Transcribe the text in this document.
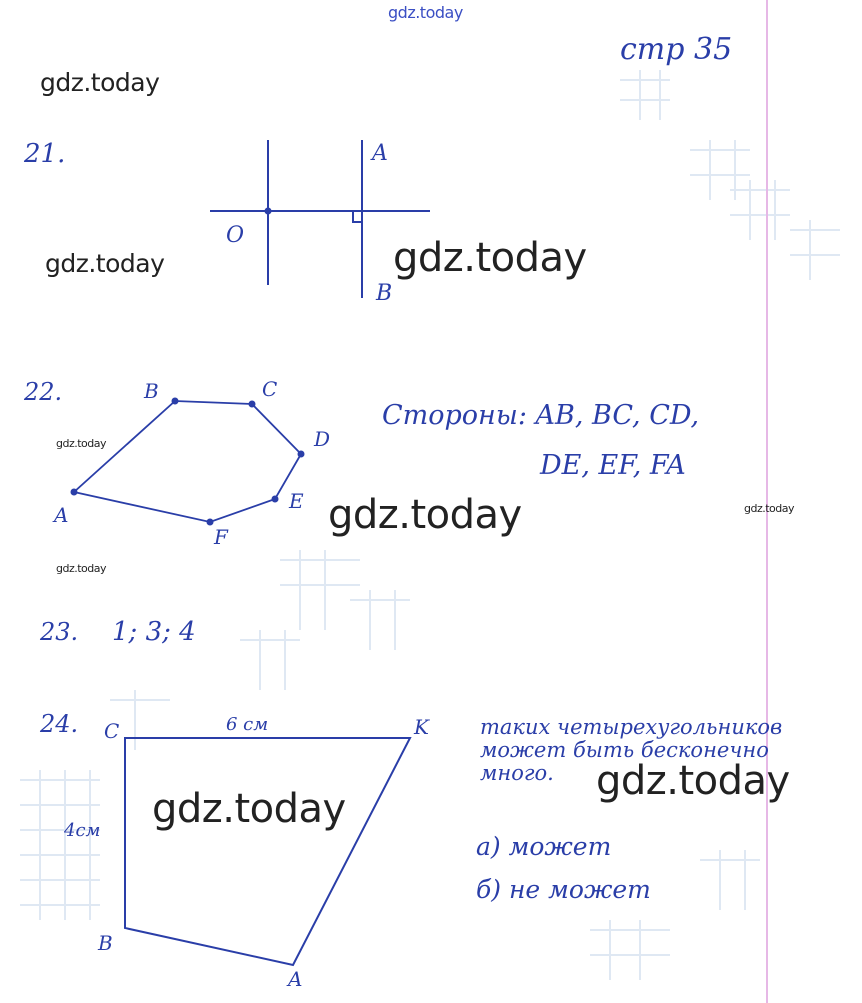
gdz.today
gdz.today
gdz.today	gdz.today
gdz.today
gdz.today	gdz.today
gdz.today
gdz.today
gdz.today
стр 35
21.	A
O
B
22.
A
B	C
D
E
F
Стороны: AB, BC, CD,
DE, EF, FA
23. 1; 3; 4
24. C	K
B
A
6 см
4см
таких четырехугольников
может быть бесконечно
много.
а) может
б) не может
